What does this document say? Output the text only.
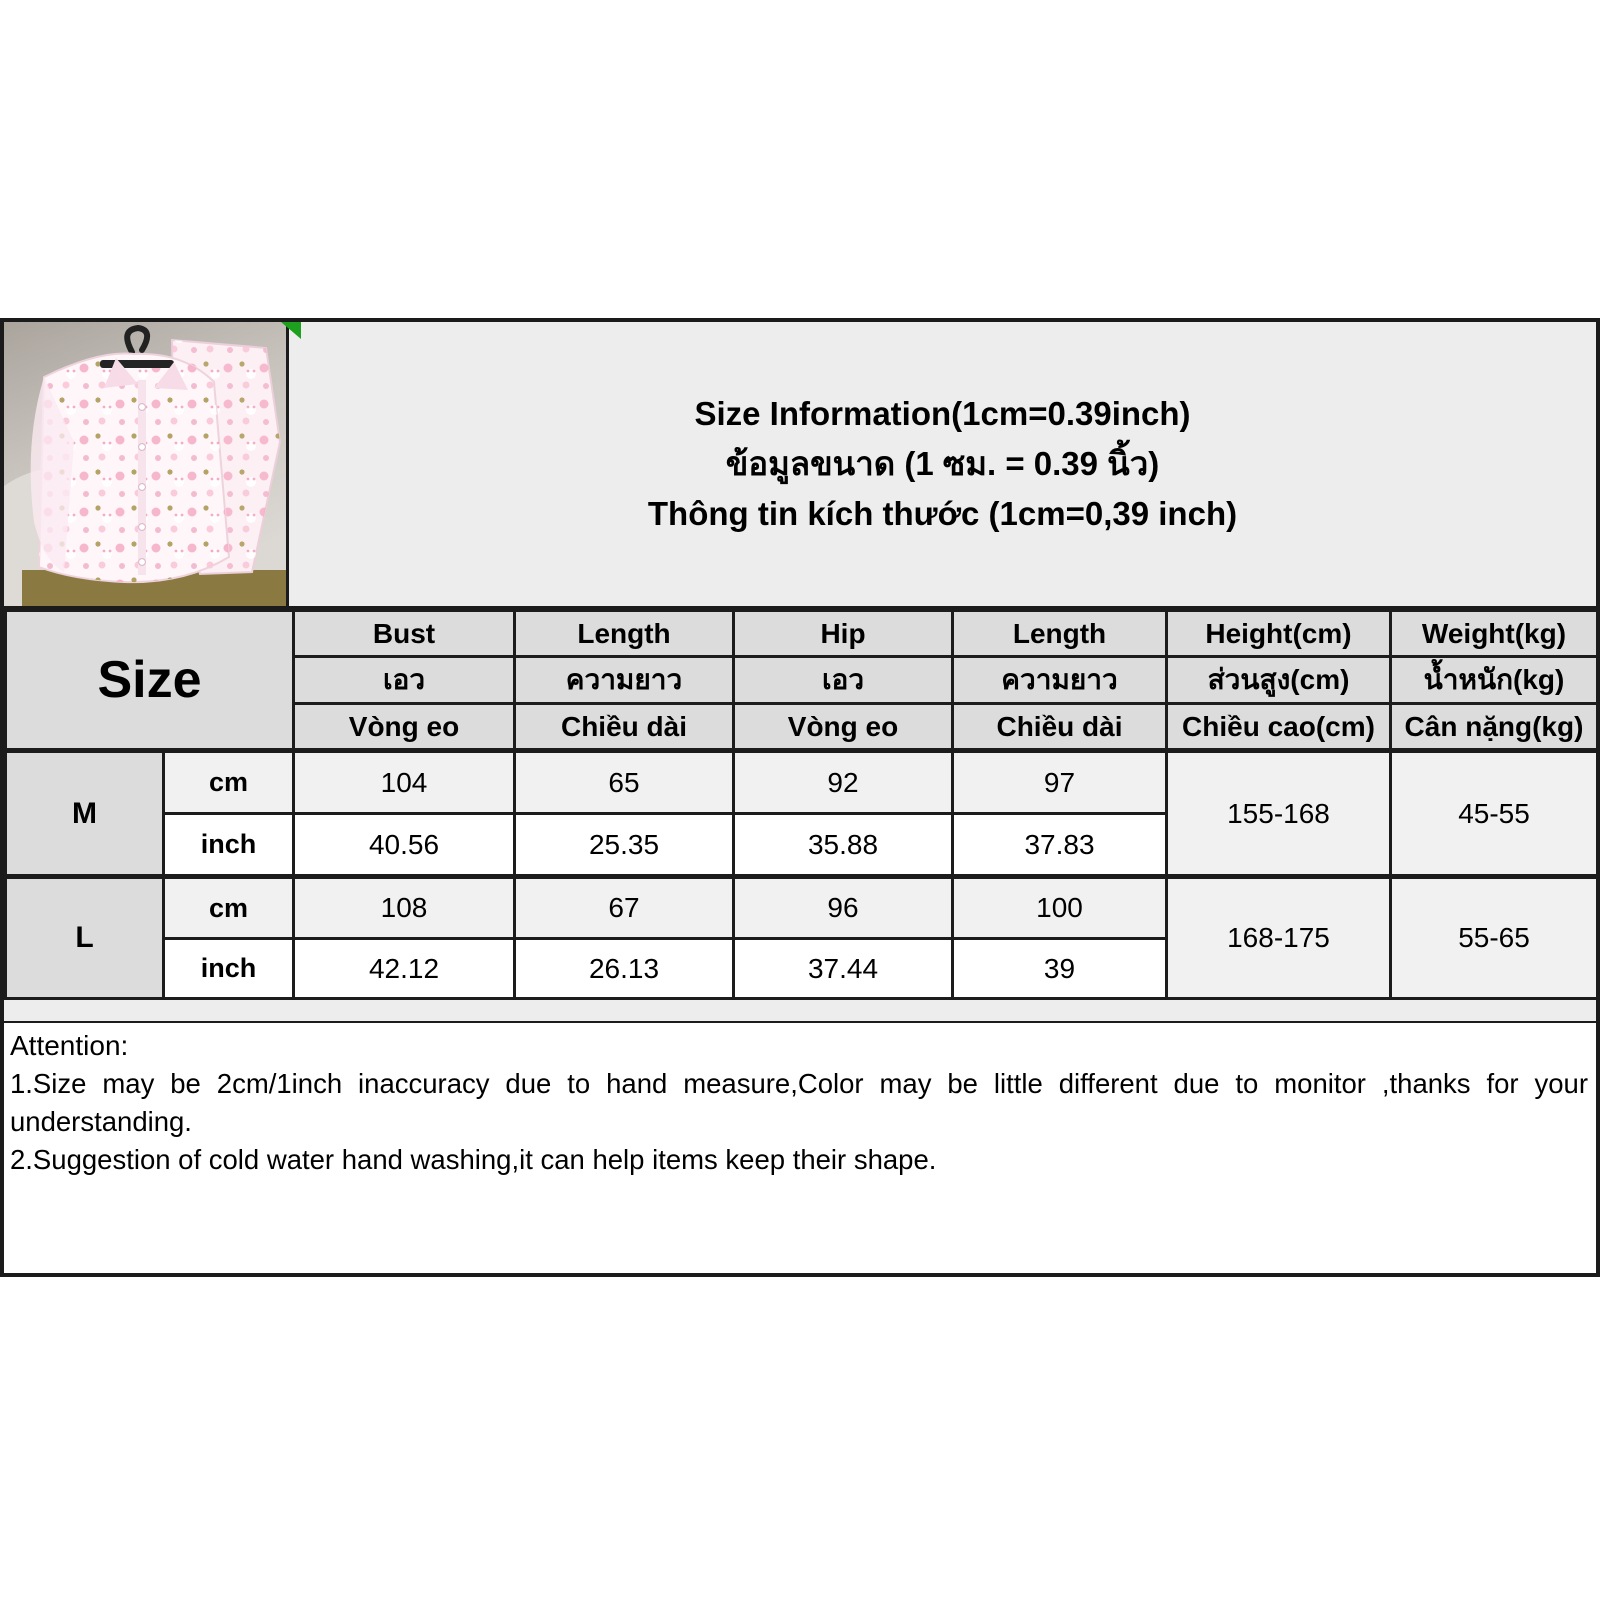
Size Information(1cm=0.39inch)
ข้อมูลขนาด (1 ซม. = 0.39 นิ้ว)
Thông tin kích thước (1cm=0,39 inch)
Size		Bust	Length	Hip	Length	Height(cm)	Weight(kg)
		เอว	ความยาว	เอว	ความยาว	ส่วนสูง(cm)	น้ำหนัก(kg)
		Vòng eo	Chiều dài	Vòng eo	Chiều dài	Chiều cao(cm)	Cân nặng(kg)
M	cm	104	65	92	97	155-168	45-55
	inch	40.56	25.35	35.88	37.83		
L	cm	108	67	96	100	168-175	55-65
	inch	42.12	26.13	37.44	39		
Attention:
1.Size may be 2cm/1inch inaccuracy due to hand measure,Color may be little different due to monitor ,thanks for your understanding.
2.Suggestion of cold water hand washing,it can help items keep their shape.
